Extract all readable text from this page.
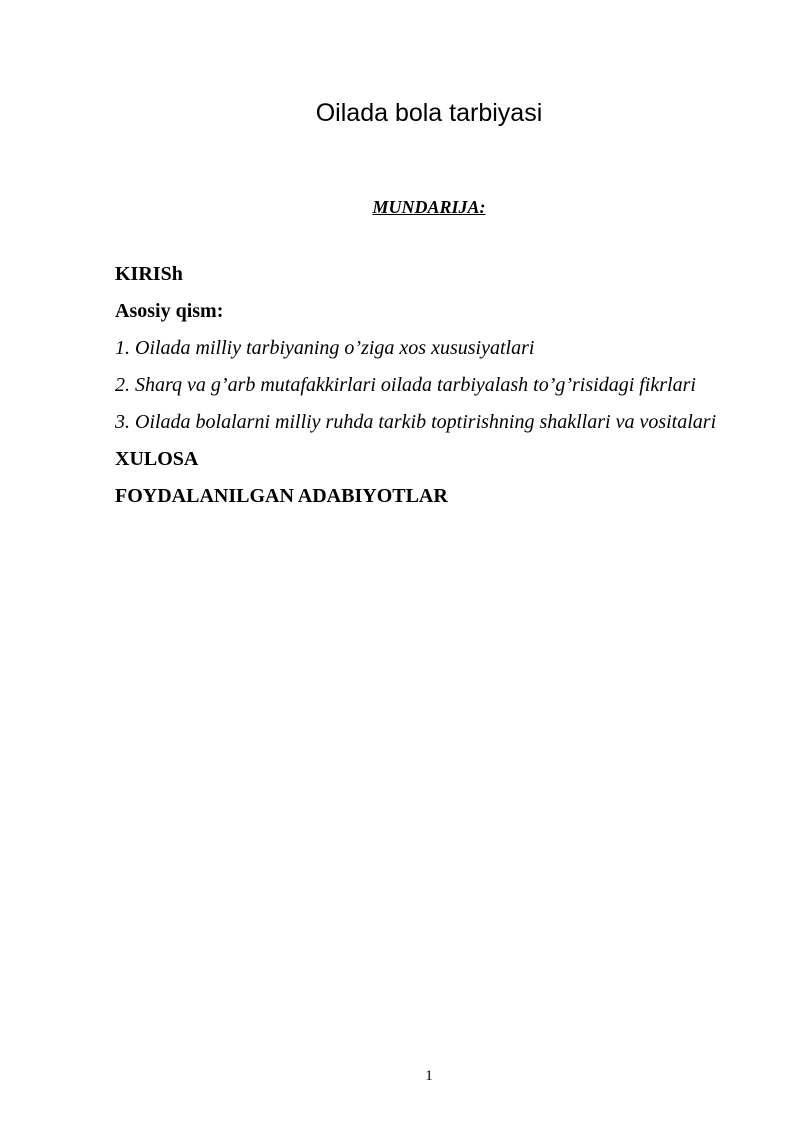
Oilada bola tarbiyasi
MUNDARIJA:
KIRISh
Asosiy qism:
1. Oilada milliy tarbiyaning o’ziga xos xususiyatlari
2. Sharq va g’arb mutafakkirlari oilada tarbiyalash to’g’risidagi fikrlari
3. Oilada bolalarni milliy ruhda tarkib toptirishning shakllari va vositalari
XULOSA
FOYDALANILGAN ADABIYOTLAR
1
